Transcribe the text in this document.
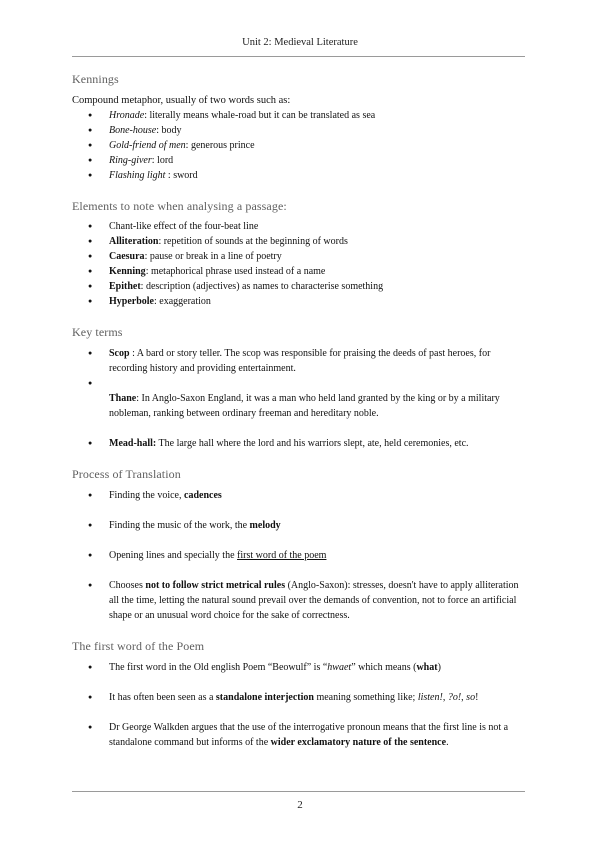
Unit 2: Medieval Literature
Kennings
Compound metaphor, usually of two words such as:
● Hronade: literally means whale-road but it can be translated as sea
● Bone-house: body
● Gold-friend of men: generous prince
● Ring-giver: lord
● Flashing light : sword
Elements to note when analysing a passage:
● Chant-like effect of the four-beat line
● Alliteration: repetition of sounds at the beginning of words
● Caesura: pause or break in a line of poetry
● Kenning: metaphorical phrase used instead of a name
● Epithet: description (adjectives) as names to characterise something
● Hyperbole: exaggeration
Key terms
● Scop : A bard or story teller. The scop was responsible for praising the deeds of past heroes, for recording history and providing entertainment.
●
Thane: In Anglo-Saxon England, it was a man who held land granted by the king or by a military nobleman, ranking between ordinary freeman and hereditary noble.
● Mead-hall: The large hall where the lord and his warriors slept, ate, held ceremonies, etc.
Process of Translation
● Finding the voice, cadences
● Finding the music of the work, the melody
● Opening lines and specially the first word of the poem
● Chooses not to follow strict metrical rules (Anglo-Saxon): stresses, doesn't have to apply alliteration all the time, letting the natural sound prevail over the demands of convention, not to force an artificial shape or an unusual word choice for the sake of correctness.
The first word of the Poem
● The first word in the Old english Poem “Beowulf” is “hwaet” which means (what)
● It has often been seen as a standalone interjection meaning something like; listen!, ?o!, so!
● Dr George Walkden argues that the use of the interrogative pronoun means that the first line is not a standalone command but informs of the wider exclamatory nature of the sentence.
2
